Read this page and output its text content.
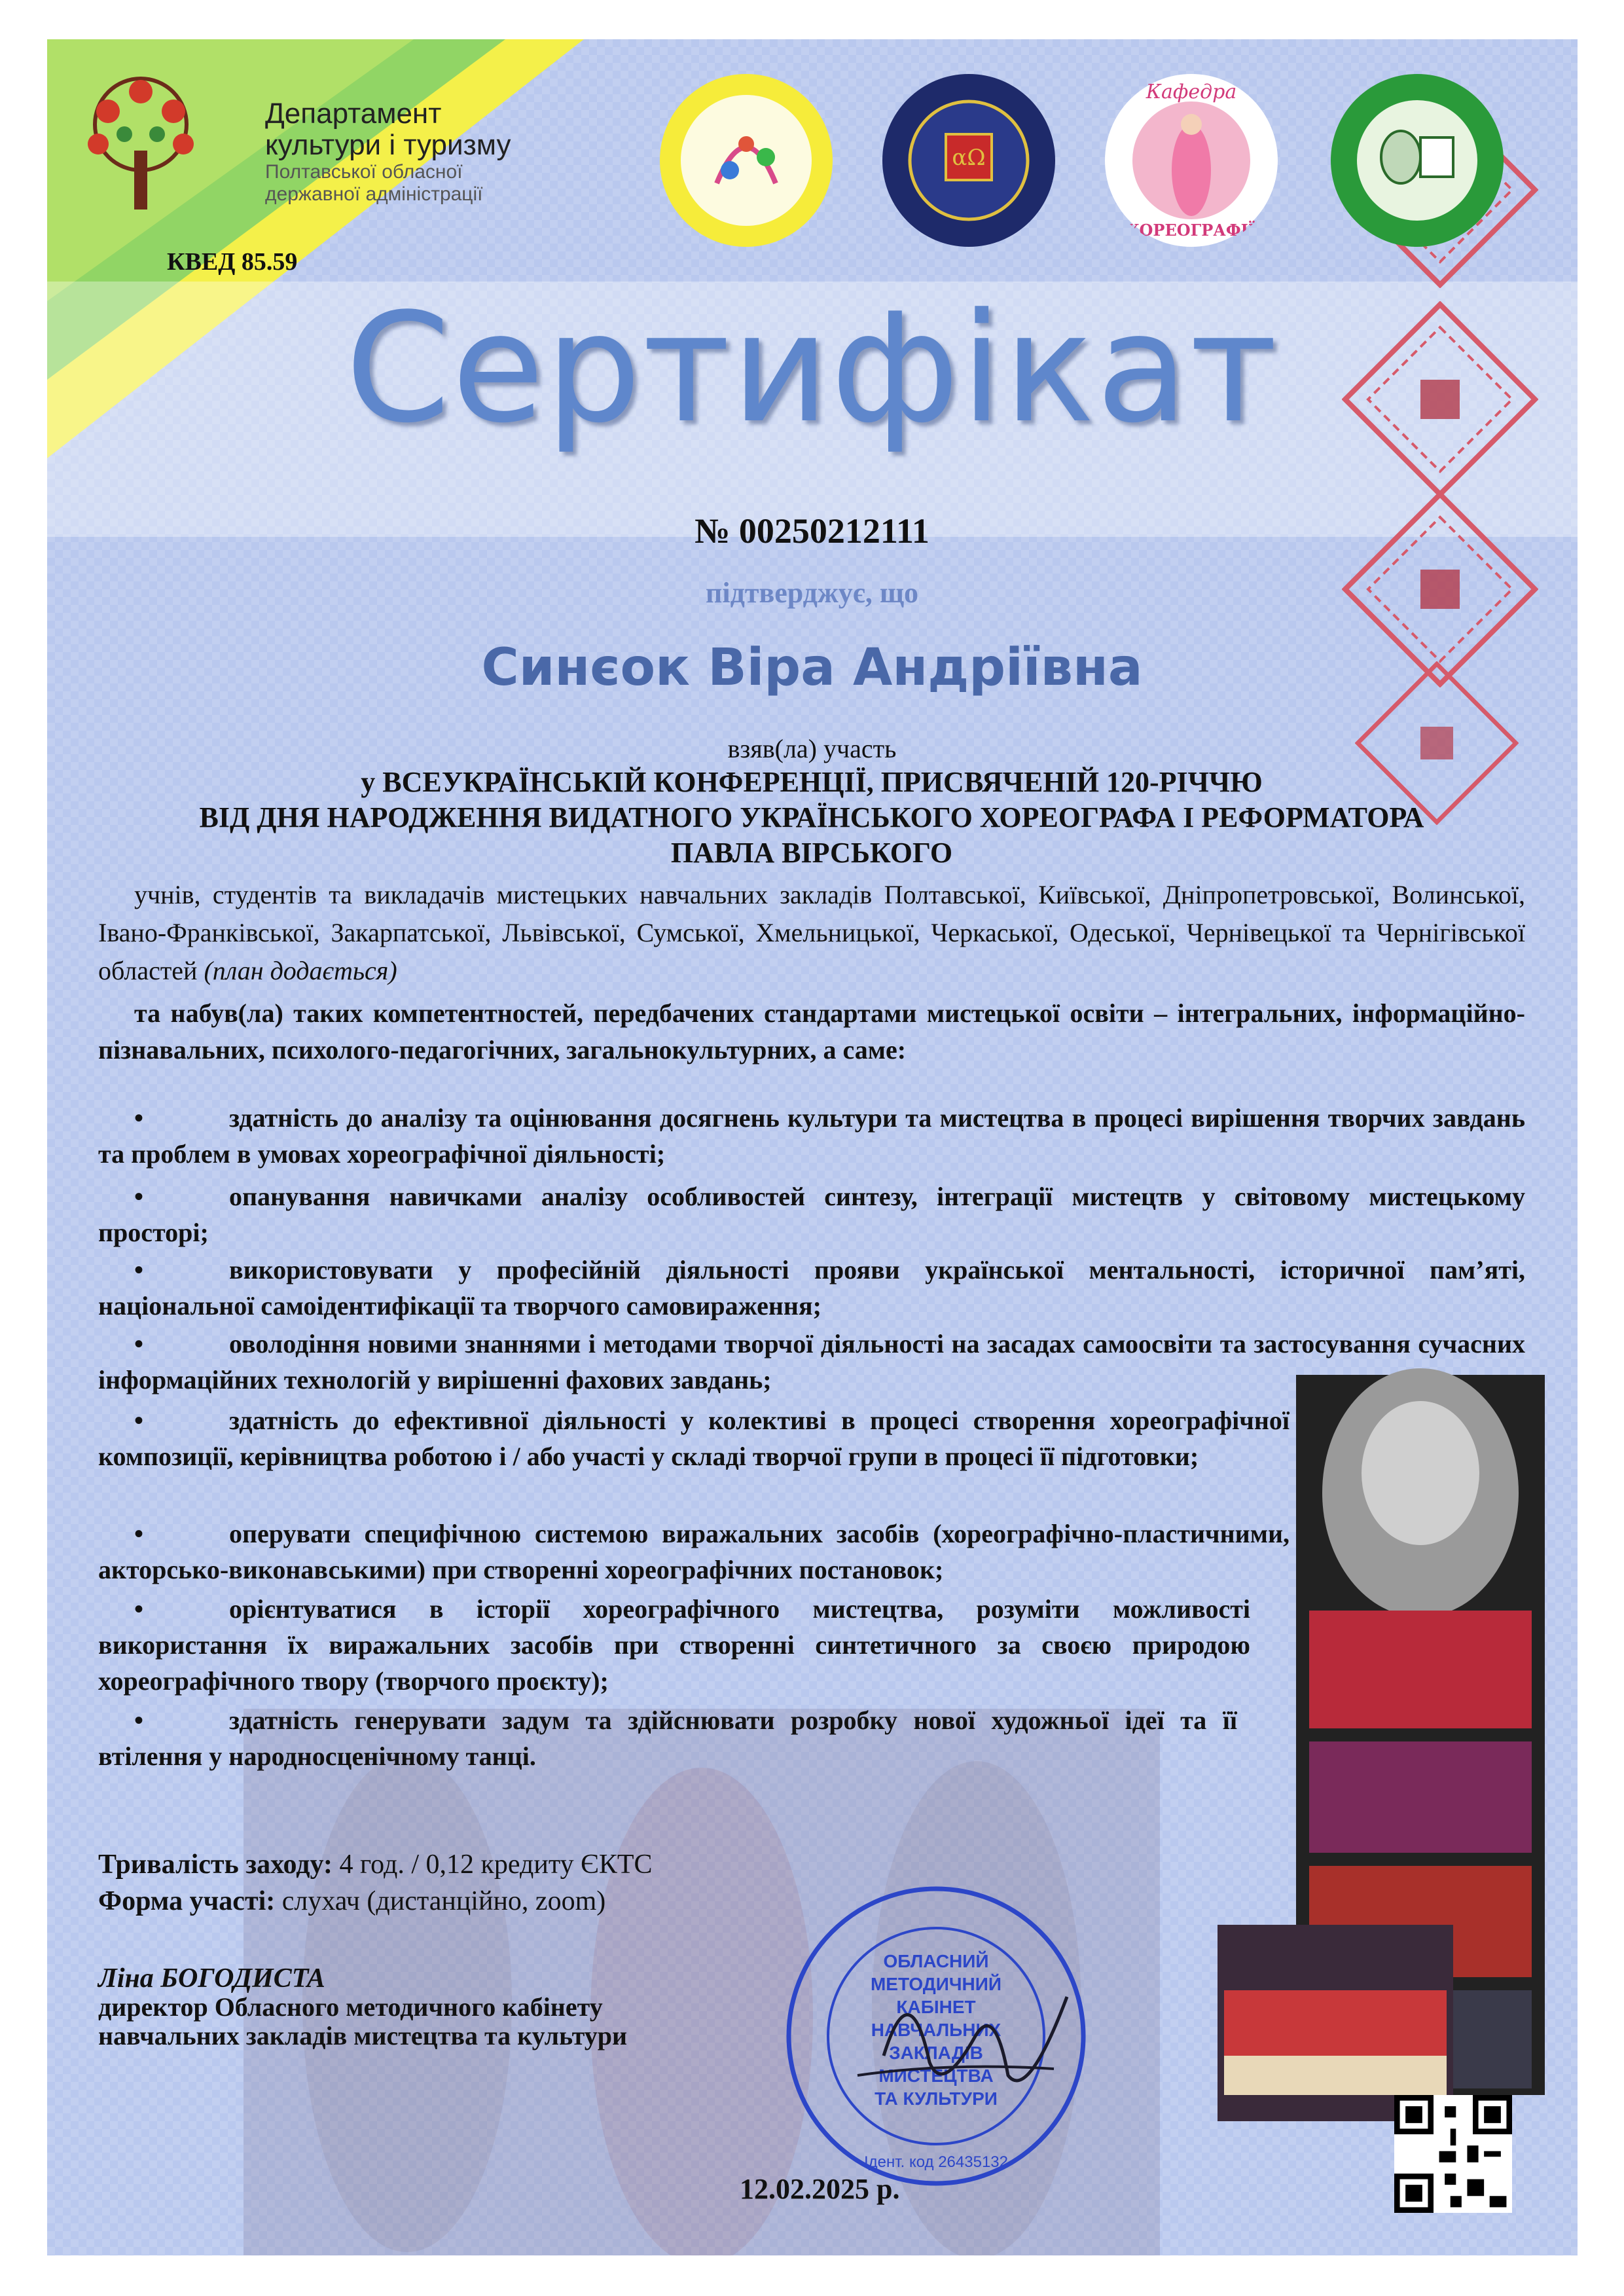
Департамент
культури і туризму
Полтавської обласної
державної адміністрації
КВЕД 85.59
αΩ
Кафедра
ХОРЕОГРАФІЇ
Сертифікат
№ 00250212111
підтверджує, що
Синєок Віра Андріївна
взяв(ла) участь
у ВСЕУКРАЇНСЬКІЙ КОНФЕРЕНЦІЇ, ПРИСВЯЧЕНІЙ 120-РІЧЧЮ
ВІД ДНЯ НАРОДЖЕННЯ ВИДАТНОГО УКРАЇНСЬКОГО ХОРЕОГРАФА І РЕФОРМАТОРА
ПАВЛА ВІРСЬКОГО
учнів, студентів та викладачів мистецьких навчальних закладів Полтавської, Київської, Дніпропетровської, Волинської, Івано-Франківської, Закарпатської, Львівської, Сумської, Хмельницької, Черкаської, Одеської, Чернівецької та Чернігівської областей (план додається)
та набув(ла) таких компетентностей, передбачених стандартами мистецької освіти – інтегральних, інформаційно-пізнавальних, психолого-педагогічних, загальнокультурних, а саме:
•	здатність до аналізу та оцінювання досягнень культури та мистецтва в процесі вирішення творчих завдань та проблем в умовах хореографічної діяльності;
•	опанування навичками аналізу особливостей синтезу, інтеграції мистецтв у світовому мистецькому просторі;
•	використовувати у професійній діяльності прояви української ментальності, історичної пам’яті, національної самоідентифікації та творчого самовираження;
•	оволодіння новими знаннями і методами творчої діяльності на засадах самоосвіти та застосування сучасних інформаційних технологій у вирішенні фахових завдань;
•	здатність до ефективної діяльності у колективі в процесі створення хореографічної композиції, керівництва роботою і / або участі у складі творчої групи в процесі її підготовки;
•	оперувати специфічною системою виражальних засобів (хореографічно-пластичними, акторсько-виконавськими) при створенні хореографічних постановок;
•	орієнтуватися в історії хореографічного мистецтва, розуміти можливості використання їх виражальних засобів при створенні синтетичного за своєю природою хореографічного твору (творчого проєкту);
•	здатність генерувати задум та здійснювати розробку нової художньої ідеї та її втілення у народносценічному танці.
Тривалість заходу: 4 год. / 0,12 кредиту ЄКТС
Форма участі: слухач (дистанційно, zoom)
Ліна БОГОДИСТА
директор Обласного методичного кабінету
навчальних закладів мистецтва та культури
ОБЛАСНИЙ
МЕТОДИЧНИЙ
КАБІНЕТ
НАВЧАЛЬНИХ
ЗАКЛАДІВ
МИСТЕЦТВА
ТА КУЛЬТУРИ
Ідент. код 26435132
12.02.2025 р.
